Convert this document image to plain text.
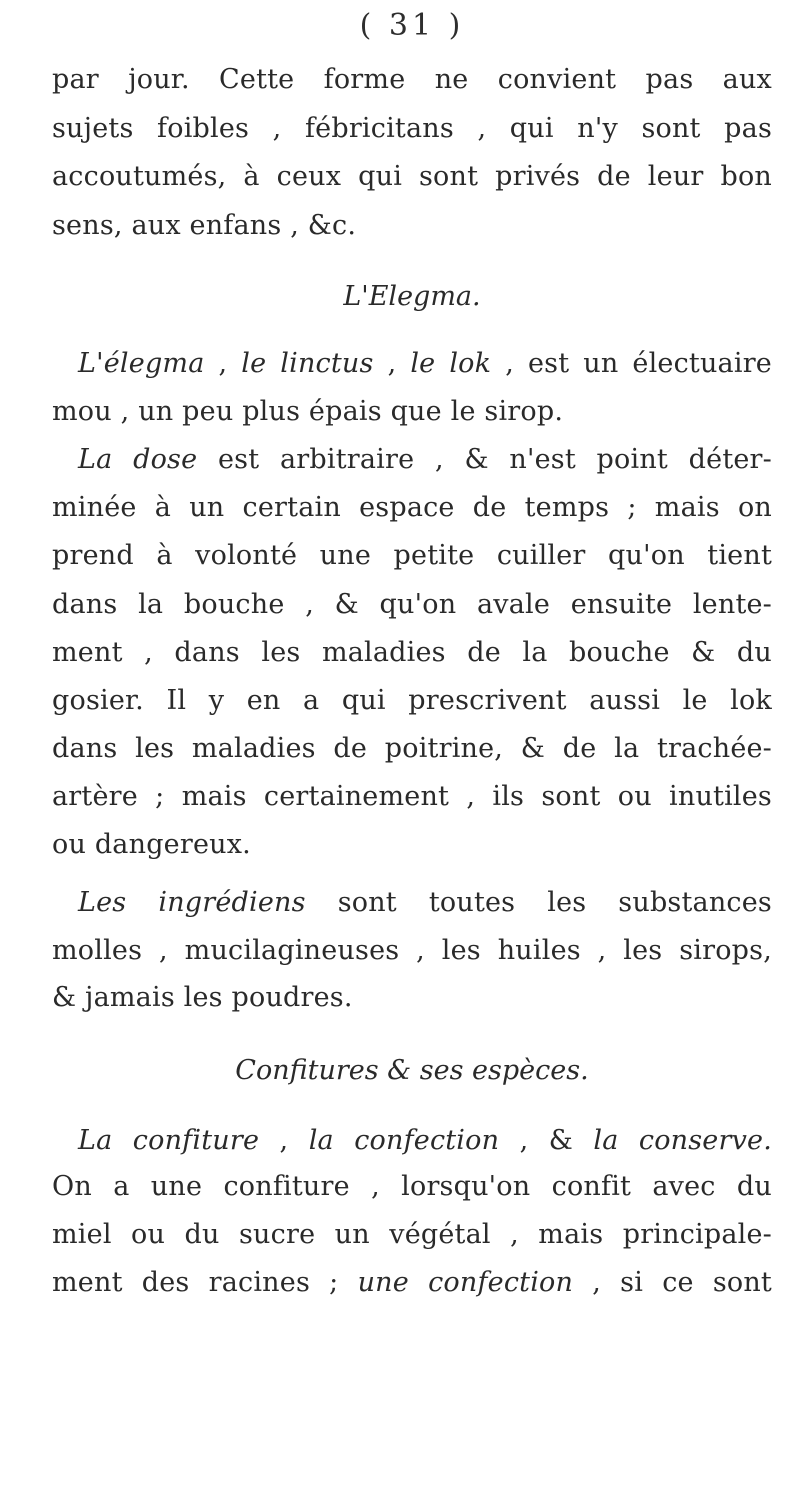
( 31 )
par jour. Cette forme ne convient pas aux
sujets foibles , fébricitans , qui n'y sont pas
accoutumés, à ceux qui sont privés de leur bon
sens, aux enfans , &c.
L'Elegma.
L'élegma , le linctus , le lok , est un électuaire
mou , un peu plus épais que le sirop.
La dose est arbitraire , & n'est point déter-
minée à un certain espace de temps ; mais on
prend à volonté une petite cuiller qu'on tient
dans la bouche , & qu'on avale ensuite lente-
ment , dans les maladies de la bouche & du
gosier. Il y en a qui prescrivent aussi le lok
dans les maladies de poitrine, & de la trachée-
artère ; mais certainement , ils sont ou inutiles
ou dangereux.
Les ingrédiens sont toutes les substances
molles , mucilagineuses , les huiles , les sirops,
& jamais les poudres.
Confitures & ses espèces.
La confiture , la confection , & la conserve.
On a une confiture , lorsqu'on confit avec du
miel ou du sucre un végétal , mais principale-
ment des racines ; une confection , si ce sont
